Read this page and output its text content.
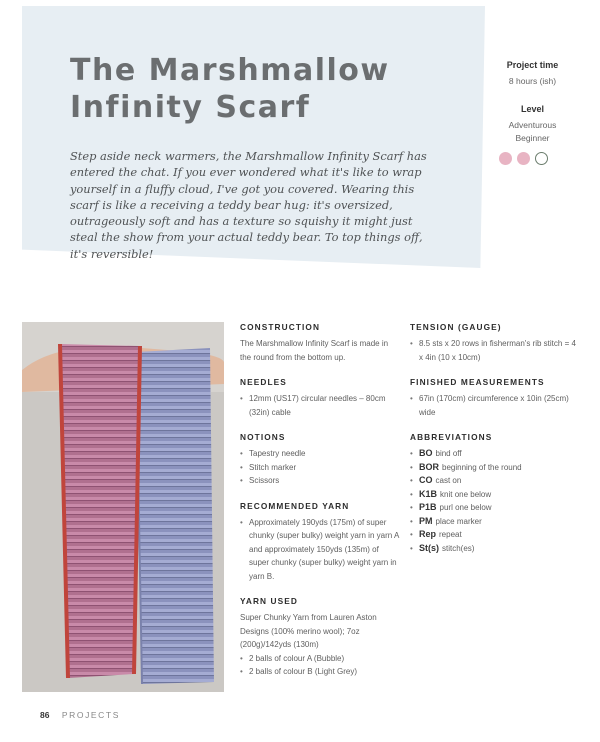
The Marshmallow Infinity Scarf
Step aside neck warmers, the Marshmallow Infinity Scarf has entered the chat. If you ever wondered what it's like to wrap yourself in a fluffy cloud, I've got you covered. Wearing this scarf is like a receiving a teddy bear hug: it's oversized, outrageously soft and has a texture so squishy it might just steal the show from your actual teddy bear. To top things off, it's reversible!
Project time
8 hours (ish)
Level
Adventurous Beginner
CONSTRUCTION
The Marshmallow Infinity Scarf is made in the round from the bottom up.
NEEDLES
• 12mm (US17) circular needles – 80cm (32in) cable
NOTIONS
• Tapestry needle
• Stitch marker
• Scissors
RECOMMENDED YARN
• Approximately 190yds (175m) of super chunky (super bulky) weight yarn in yarn A and approximately 150yds (135m) of super chunky (super bulky) weight yarn in yarn B.
YARN USED
Super Chunky Yarn from Lauren Aston Designs (100% merino wool); 7oz (200g)/142yds (130m)
• 2 balls of colour A (Bubble)
• 2 balls of colour B (Light Grey)
TENSION (GAUGE)
• 8.5 sts x 20 rows in fisherman's rib stitch = 4 x 4in (10 x 10cm)
FINISHED MEASUREMENTS
• 67in (170cm) circumference x 10in (25cm) wide
ABBREVIATIONS
• BO bind off
• BOR beginning of the round
• CO cast on
• K1B knit one below
• P1B purl one below
• PM place marker
• Rep repeat
• St(s) stitch(es)
86 PROJECTS
